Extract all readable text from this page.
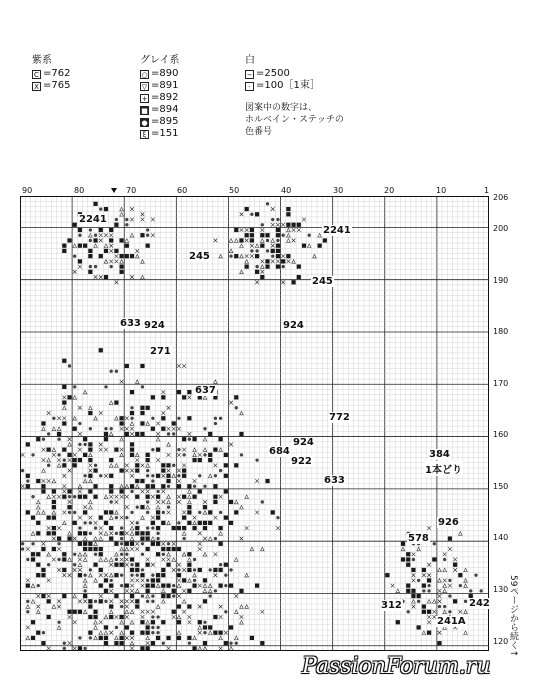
紫系
C =762
X =765
グレイ系
○ =890
▽ =891
+ =892
■ =894
● =895
ξ =151
白
− =2500
· =100［1束］
図案中の数字は、
ホルベイン・ステッチの
色番号
90	80	70	60	50	40	30	20	10	1
206
200
190
180
170
160
150
140
130
120
2241
2241
245
245
633 924	924
271
637
772
924
684
922
384
1本どり
633
926
578
312	242
241A	59ページから続く↑
PassionForum.ru
